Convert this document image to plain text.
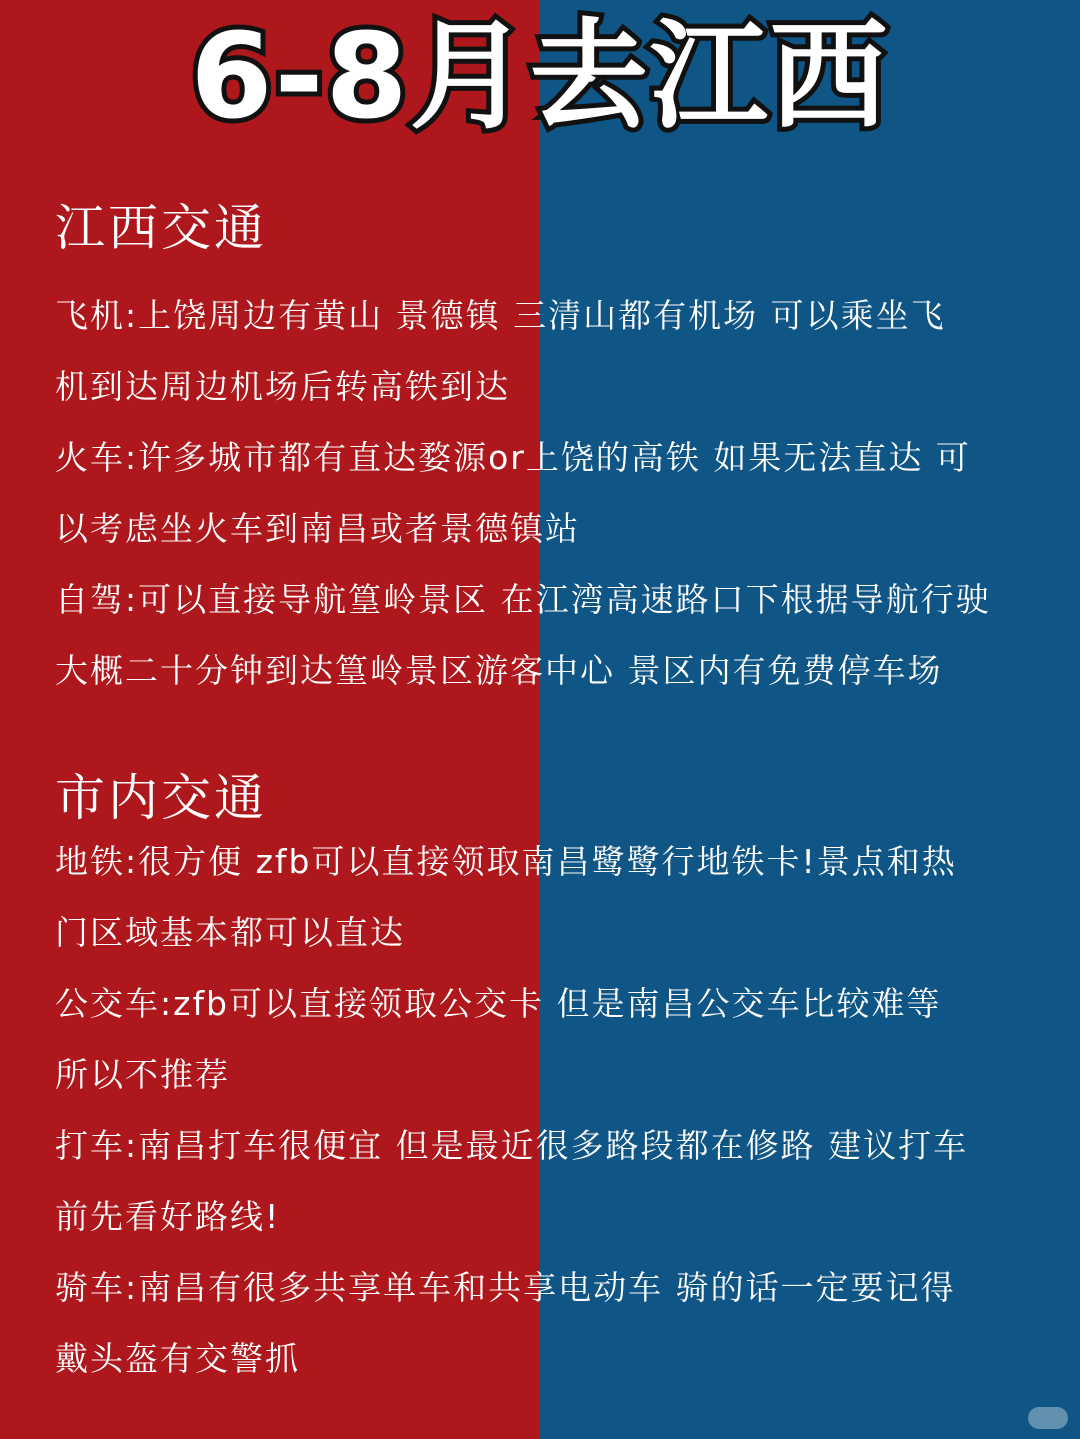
6-8月去江西
江西交通
飞机:上饶周边有黄山 景德镇 三清山都有机场 可以乘坐飞
机到达周边机场后转高铁到达
火车:许多城市都有直达婺源or上饶的高铁 如果无法直达 可
以考虑坐火车到南昌或者景德镇站
自驾:可以直接导航篁岭景区 在江湾高速路口下根据导航行驶
大概二十分钟到达篁岭景区游客中心 景区内有免费停车场
市内交通
地铁:很方便 zfb可以直接领取南昌鹭鹭行地铁卡!景点和热
门区域基本都可以直达
公交车:zfb可以直接领取公交卡 但是南昌公交车比较难等
所以不推荐
打车:南昌打车很便宜 但是最近很多路段都在修路 建议打车
前先看好路线!
骑车:南昌有很多共享单车和共享电动车 骑的话一定要记得
戴头盔有交警抓
